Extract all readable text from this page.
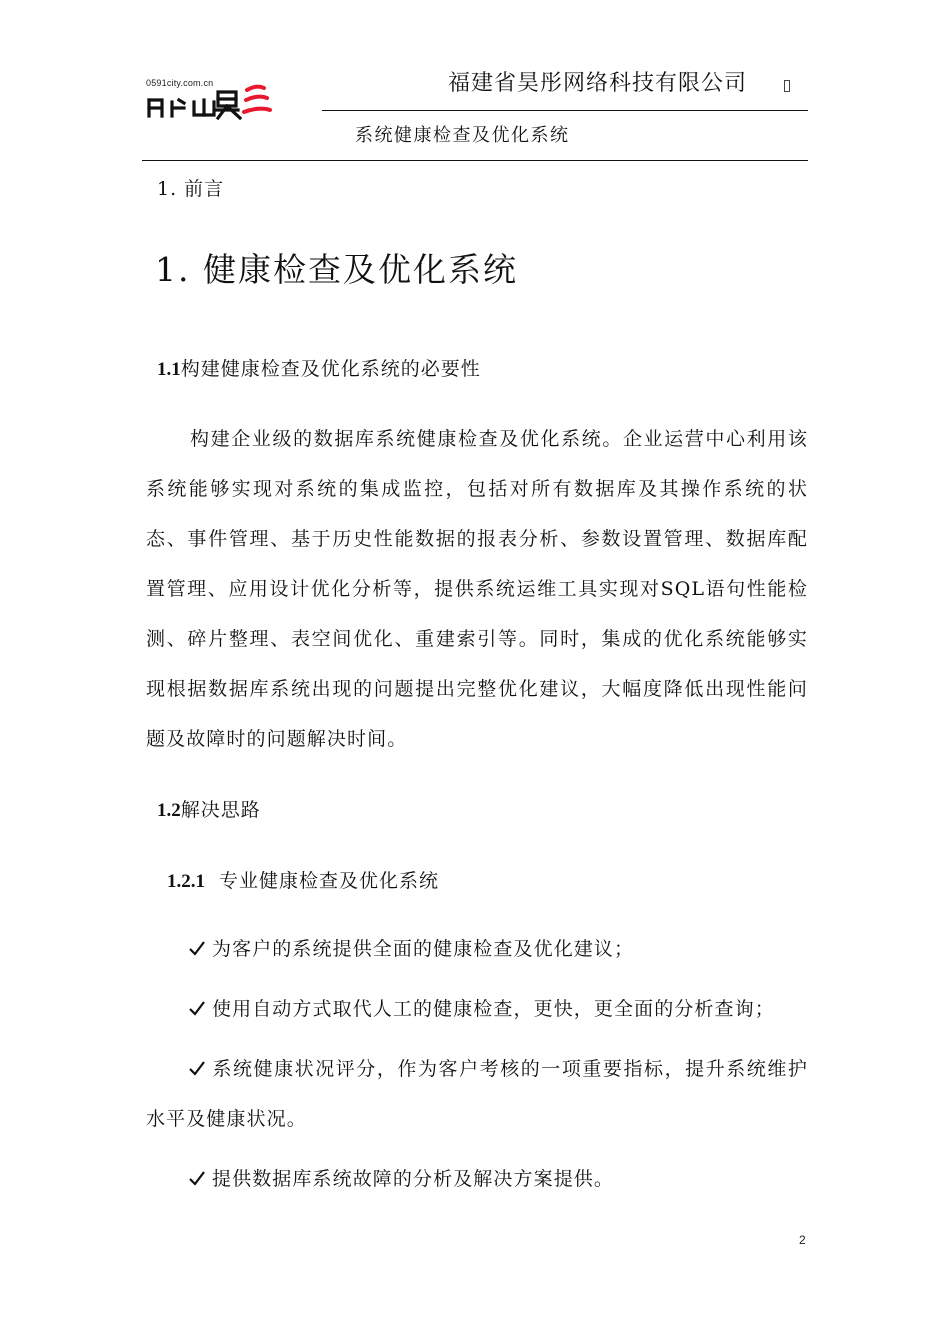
0591city.com.cn	福建省昊彤网络科技有限公司
系统健康检查及优化系统
1. 前言
1. 健康检查及优化系统
1.1构建健康检查及优化系统的必要性

构建企业级的数据库系统健康检查及优化系统。企业运营中心利用该系统能够实现对系统的集成监控，包括对所有数据库及其操作系统的状态、事件管理、基于历史性能数据的报表分析、参数设置管理、数据库配置管理、应用设计优化分析等，提供系统运维工具实现对SQL语句性能检测、碎片整理、表空间优化、重建索引等。同时，集成的优化系统能够实现根据数据库系统出现的问题提出完整优化建议，大幅度降低出现性能问题及故障时的问题解决时间。

1.2解决思路
1.2.1 专业健康检查及优化系统

为客户的系统提供全面的健康检查及优化建议；

使用自动方式取代人工的健康检查，更快，更全面的分析查询；

系统健康状况评分，作为客户考核的一项重要指标，提升系统维护水平及健康状况。

提供数据库系统故障的分析及解决方案提供。

2
